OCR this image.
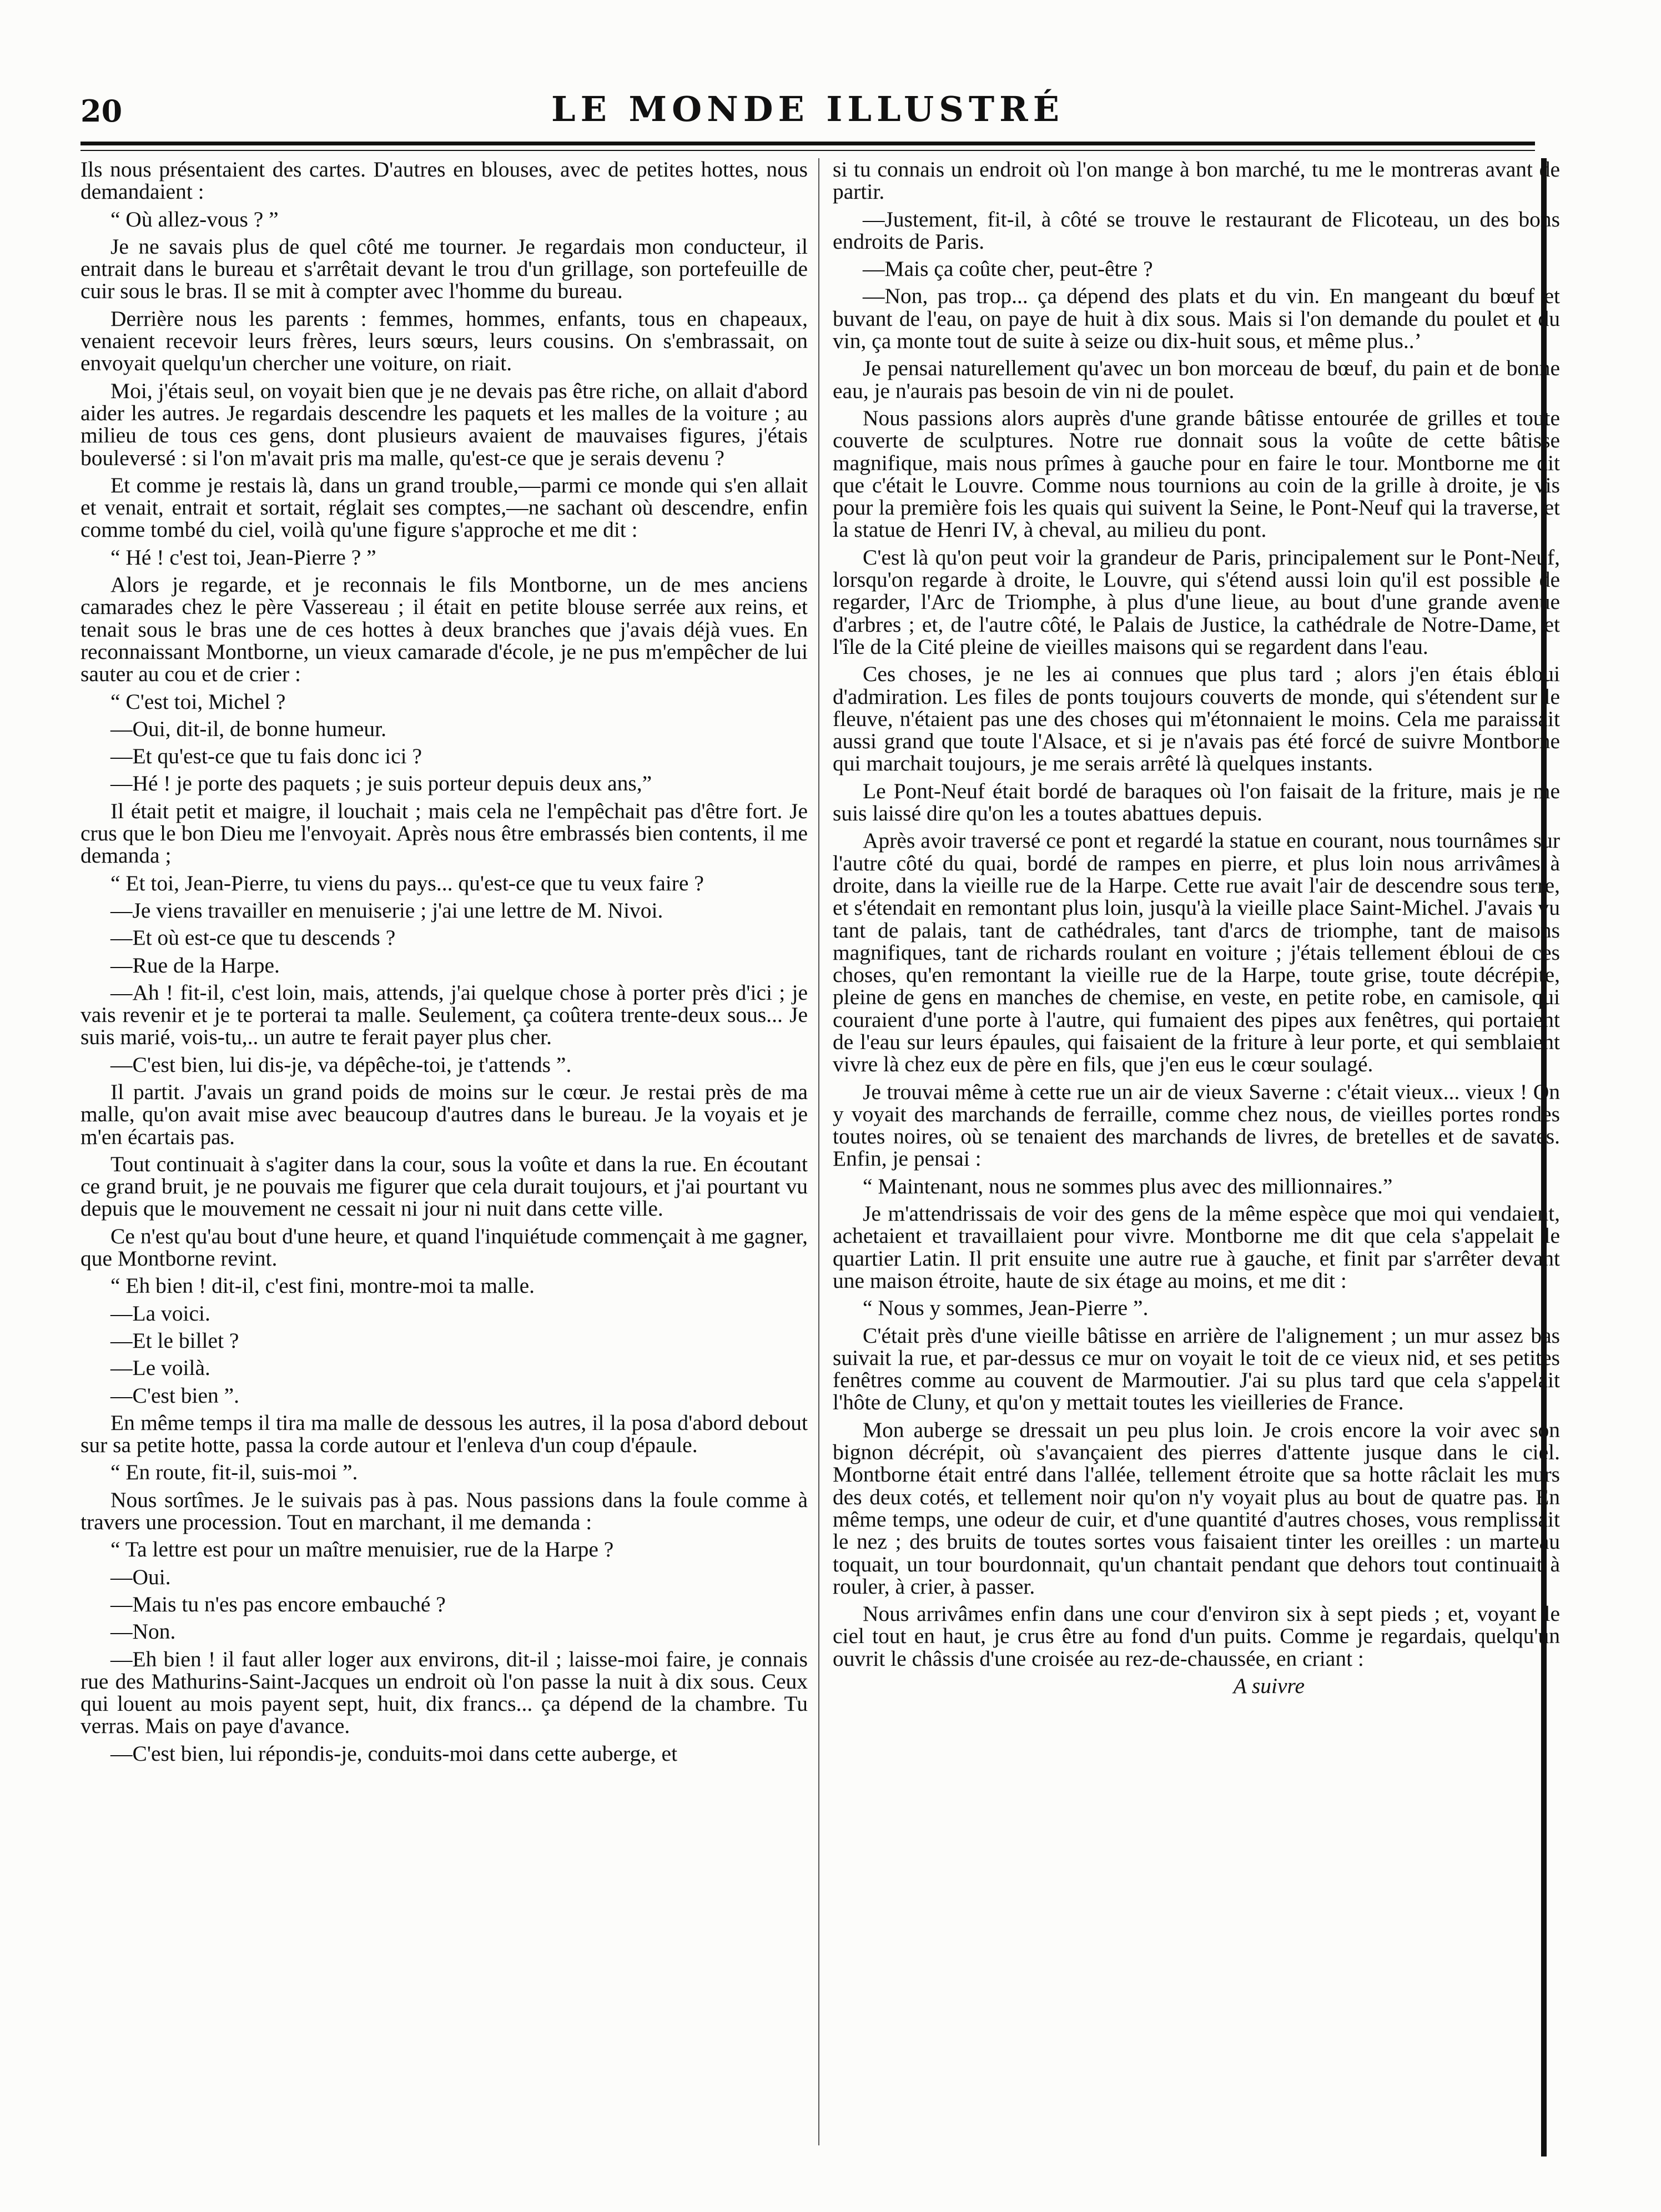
20	LE MONDE ILLUSTRÉ

Ils nous présentaient des cartes. D'autres en blouses, avec de petites hottes, nous demandaient :

“ Où allez-vous ? ”

Je ne savais plus de quel côté me tourner. Je regardais mon conducteur, il entrait dans le bureau et s'arrêtait devant le trou d'un grillage, son portefeuille de cuir sous le bras. Il se mit à compter avec l'homme du bureau.

Derrière nous les parents : femmes, hommes, enfants, tous en chapeaux, venaient recevoir leurs frères, leurs sœurs, leurs cousins. On s'embrassait, on envoyait quelqu'un chercher une voiture, on riait.

Moi, j'étais seul, on voyait bien que je ne devais pas être riche, on allait d'abord aider les autres. Je regardais descendre les paquets et les malles de la voiture ; au milieu de tous ces gens, dont plusieurs avaient de mauvaises figures, j'étais bouleversé : si l'on m'avait pris ma malle, qu'est-ce que je serais devenu ?

Et comme je restais là, dans un grand trouble,—parmi ce monde qui s'en allait et venait, entrait et sortait, réglait ses comptes,—ne sachant où descendre, enfin comme tombé du ciel, voilà qu'une figure s'approche et me dit :

“ Hé ! c'est toi, Jean-Pierre ? ”

Alors je regarde, et je reconnais le fils Montborne, un de mes anciens camarades chez le père Vassereau ; il était en petite blouse serrée aux reins, et tenait sous le bras une de ces hottes à deux branches que j'avais déjà vues. En reconnaissant Montborne, un vieux camarade d'école, je ne pus m'empêcher de lui sauter au cou et de crier :

“ C'est toi, Michel ?

—Oui, dit-il, de bonne humeur.

—Et qu'est-ce que tu fais donc ici ?

—Hé ! je porte des paquets ; je suis porteur depuis deux ans,”

Il était petit et maigre, il louchait ; mais cela ne l'empêchait pas d'être fort. Je crus que le bon Dieu me l'envoyait. Après nous être embrassés bien contents, il me demanda ;

“ Et toi, Jean-Pierre, tu viens du pays... qu'est-ce que tu veux faire ?

—Je viens travailler en menuiserie ; j'ai une lettre de M. Nivoi.

—Et où est-ce que tu descends ?

—Rue de la Harpe.

—Ah ! fit-il, c'est loin, mais, attends, j'ai quelque chose à porter près d'ici ; je vais revenir et je te porterai ta malle. Seulement, ça coûtera trente-deux sous... Je suis marié, vois-tu,.. un autre te ferait payer plus cher.

—C'est bien, lui dis-je, va dépêche-toi, je t'attends ”.

Il partit. J'avais un grand poids de moins sur le cœur. Je restai près de ma malle, qu'on avait mise avec beaucoup d'autres dans le bureau. Je la voyais et je m'en écartais pas.

Tout continuait à s'agiter dans la cour, sous la voûte et dans la rue. En écoutant ce grand bruit, je ne pouvais me figurer que cela durait toujours, et j'ai pourtant vu depuis que le mouvement ne cessait ni jour ni nuit dans cette ville.

Ce n'est qu'au bout d'une heure, et quand l'inquiétude commençait à me gagner, que Montborne revint.

“ Eh bien ! dit-il, c'est fini, montre-moi ta malle.

—La voici.

—Et le billet ?

—Le voilà.

—C'est bien ”.

En même temps il tira ma malle de dessous les autres, il la posa d'abord debout sur sa petite hotte, passa la corde autour et l'enleva d'un coup d'épaule.

“ En route, fit-il, suis-moi ”.

Nous sortîmes. Je le suivais pas à pas. Nous passions dans la foule comme à travers une procession. Tout en marchant, il me demanda :

“ Ta lettre est pour un maître menuisier, rue de la Harpe ?

—Oui.

—Mais tu n'es pas encore embauché ?

—Non.

—Eh bien ! il faut aller loger aux environs, dit-il ; laisse-moi faire, je connais rue des Mathurins-Saint-Jacques un endroit où l'on passe la nuit à dix sous. Ceux qui louent au mois payent sept, huit, dix francs... ça dépend de la chambre. Tu verras. Mais on paye d'avance.

—C'est bien, lui répondis-je, conduits-moi dans cette auberge, et

si tu connais un endroit où l'on mange à bon marché, tu me le montreras avant de partir.

—Justement, fit-il, à côté se trouve le restaurant de Flicoteau, un des bons endroits de Paris.

—Mais ça coûte cher, peut-être ?

—Non, pas trop... ça dépend des plats et du vin. En mangeant du bœuf et buvant de l'eau, on paye de huit à dix sous. Mais si l'on demande du poulet et du vin, ça monte tout de suite à seize ou dix-huit sous, et même plus..’

Je pensai naturellement qu'avec un bon morceau de bœuf, du pain et de bonne eau, je n'aurais pas besoin de vin ni de poulet.

Nous passions alors auprès d'une grande bâtisse entourée de grilles et toute couverte de sculptures. Notre rue donnait sous la voûte de cette bâtisse magnifique, mais nous prîmes à gauche pour en faire le tour. Montborne me dit que c'était le Louvre. Comme nous tournions au coin de la grille à droite, je vis pour la première fois les quais qui suivent la Seine, le Pont-Neuf qui la traverse, et la statue de Henri IV, à cheval, au milieu du pont.

C'est là qu'on peut voir la grandeur de Paris, principalement sur le Pont-Neuf, lorsqu'on regarde à droite, le Louvre, qui s'étend aussi loin qu'il est possible de regarder, l'Arc de Triomphe, à plus d'une lieue, au bout d'une grande avenue d'arbres ; et, de l'autre côté, le Palais de Justice, la cathédrale de Notre-Dame, et l'île de la Cité pleine de vieilles maisons qui se regardent dans l'eau.

Ces choses, je ne les ai connues que plus tard ; alors j'en étais ébloui d'admiration. Les files de ponts toujours couverts de monde, qui s'étendent sur le fleuve, n'étaient pas une des choses qui m'étonnaient le moins. Cela me paraissait aussi grand que toute l'Alsace, et si je n'avais pas été forcé de suivre Montborne qui marchait toujours, je me serais arrêté là quelques instants.

Le Pont-Neuf était bordé de baraques où l'on faisait de la friture, mais je me suis laissé dire qu'on les a toutes abattues depuis.

Après avoir traversé ce pont et regardé la statue en courant, nous tournâmes sur l'autre côté du quai, bordé de rampes en pierre, et plus loin nous arrivâmes à droite, dans la vieille rue de la Harpe. Cette rue avait l'air de descendre sous terre, et s'étendait en remontant plus loin, jusqu'à la vieille place Saint-Michel. J'avais vu tant de palais, tant de cathédrales, tant d'arcs de triomphe, tant de maisons magnifiques, tant de richards roulant en voiture ; j'étais tellement ébloui de ces choses, qu'en remontant la vieille rue de la Harpe, toute grise, toute décrépite, pleine de gens en manches de chemise, en veste, en petite robe, en camisole, qui couraient d'une porte à l'autre, qui fumaient des pipes aux fenêtres, qui portaient de l'eau sur leurs épaules, qui faisaient de la friture à leur porte, et qui semblaient vivre là chez eux de père en fils, que j'en eus le cœur soulagé.

Je trouvai même à cette rue un air de vieux Saverne : c'était vieux... vieux ! On y voyait des marchands de ferraille, comme chez nous, de vieilles portes rondes toutes noires, où se tenaient des marchands de livres, de bretelles et de savates. Enfin, je pensai :

“ Maintenant, nous ne sommes plus avec des millionnaires.”

Je m'attendrissais de voir des gens de la même espèce que moi qui vendaient, achetaient et travaillaient pour vivre. Montborne me dit que cela s'appelait le quartier Latin. Il prit ensuite une autre rue à gauche, et finit par s'arrêter devant une maison étroite, haute de six étage au moins, et me dit :

“ Nous y sommes, Jean-Pierre ”.

C'était près d'une vieille bâtisse en arrière de l'alignement ; un mur assez bas suivait la rue, et par-dessus ce mur on voyait le toit de ce vieux nid, et ses petites fenêtres comme au couvent de Marmoutier. J'ai su plus tard que cela s'appelait l'hôte de Cluny, et qu'on y mettait toutes les vieilleries de France.

Mon auberge se dressait un peu plus loin. Je crois encore la voir avec son bignon décrépit, où s'avançaient des pierres d'attente jusque dans le ciel. Montborne était entré dans l'allée, tellement étroite que sa hotte râclait les murs des deux cotés, et tellement noir qu'on n'y voyait plus au bout de quatre pas. En même temps, une odeur de cuir, et d'une quantité d'autres choses, vous remplissait le nez ; des bruits de toutes sortes vous faisaient tinter les oreilles : un marteau toquait, un tour bourdonnait, qu'un chantait pendant que dehors tout continuait à rouler, à crier, à passer.

Nous arrivâmes enfin dans une cour d'environ six à sept pieds ; et, voyant le ciel tout en haut, je crus être au fond d'un puits. Comme je regardais, quelqu'un ouvrit le châssis d'une croisée au rez-de-chaussée, en criant :

A suivre
